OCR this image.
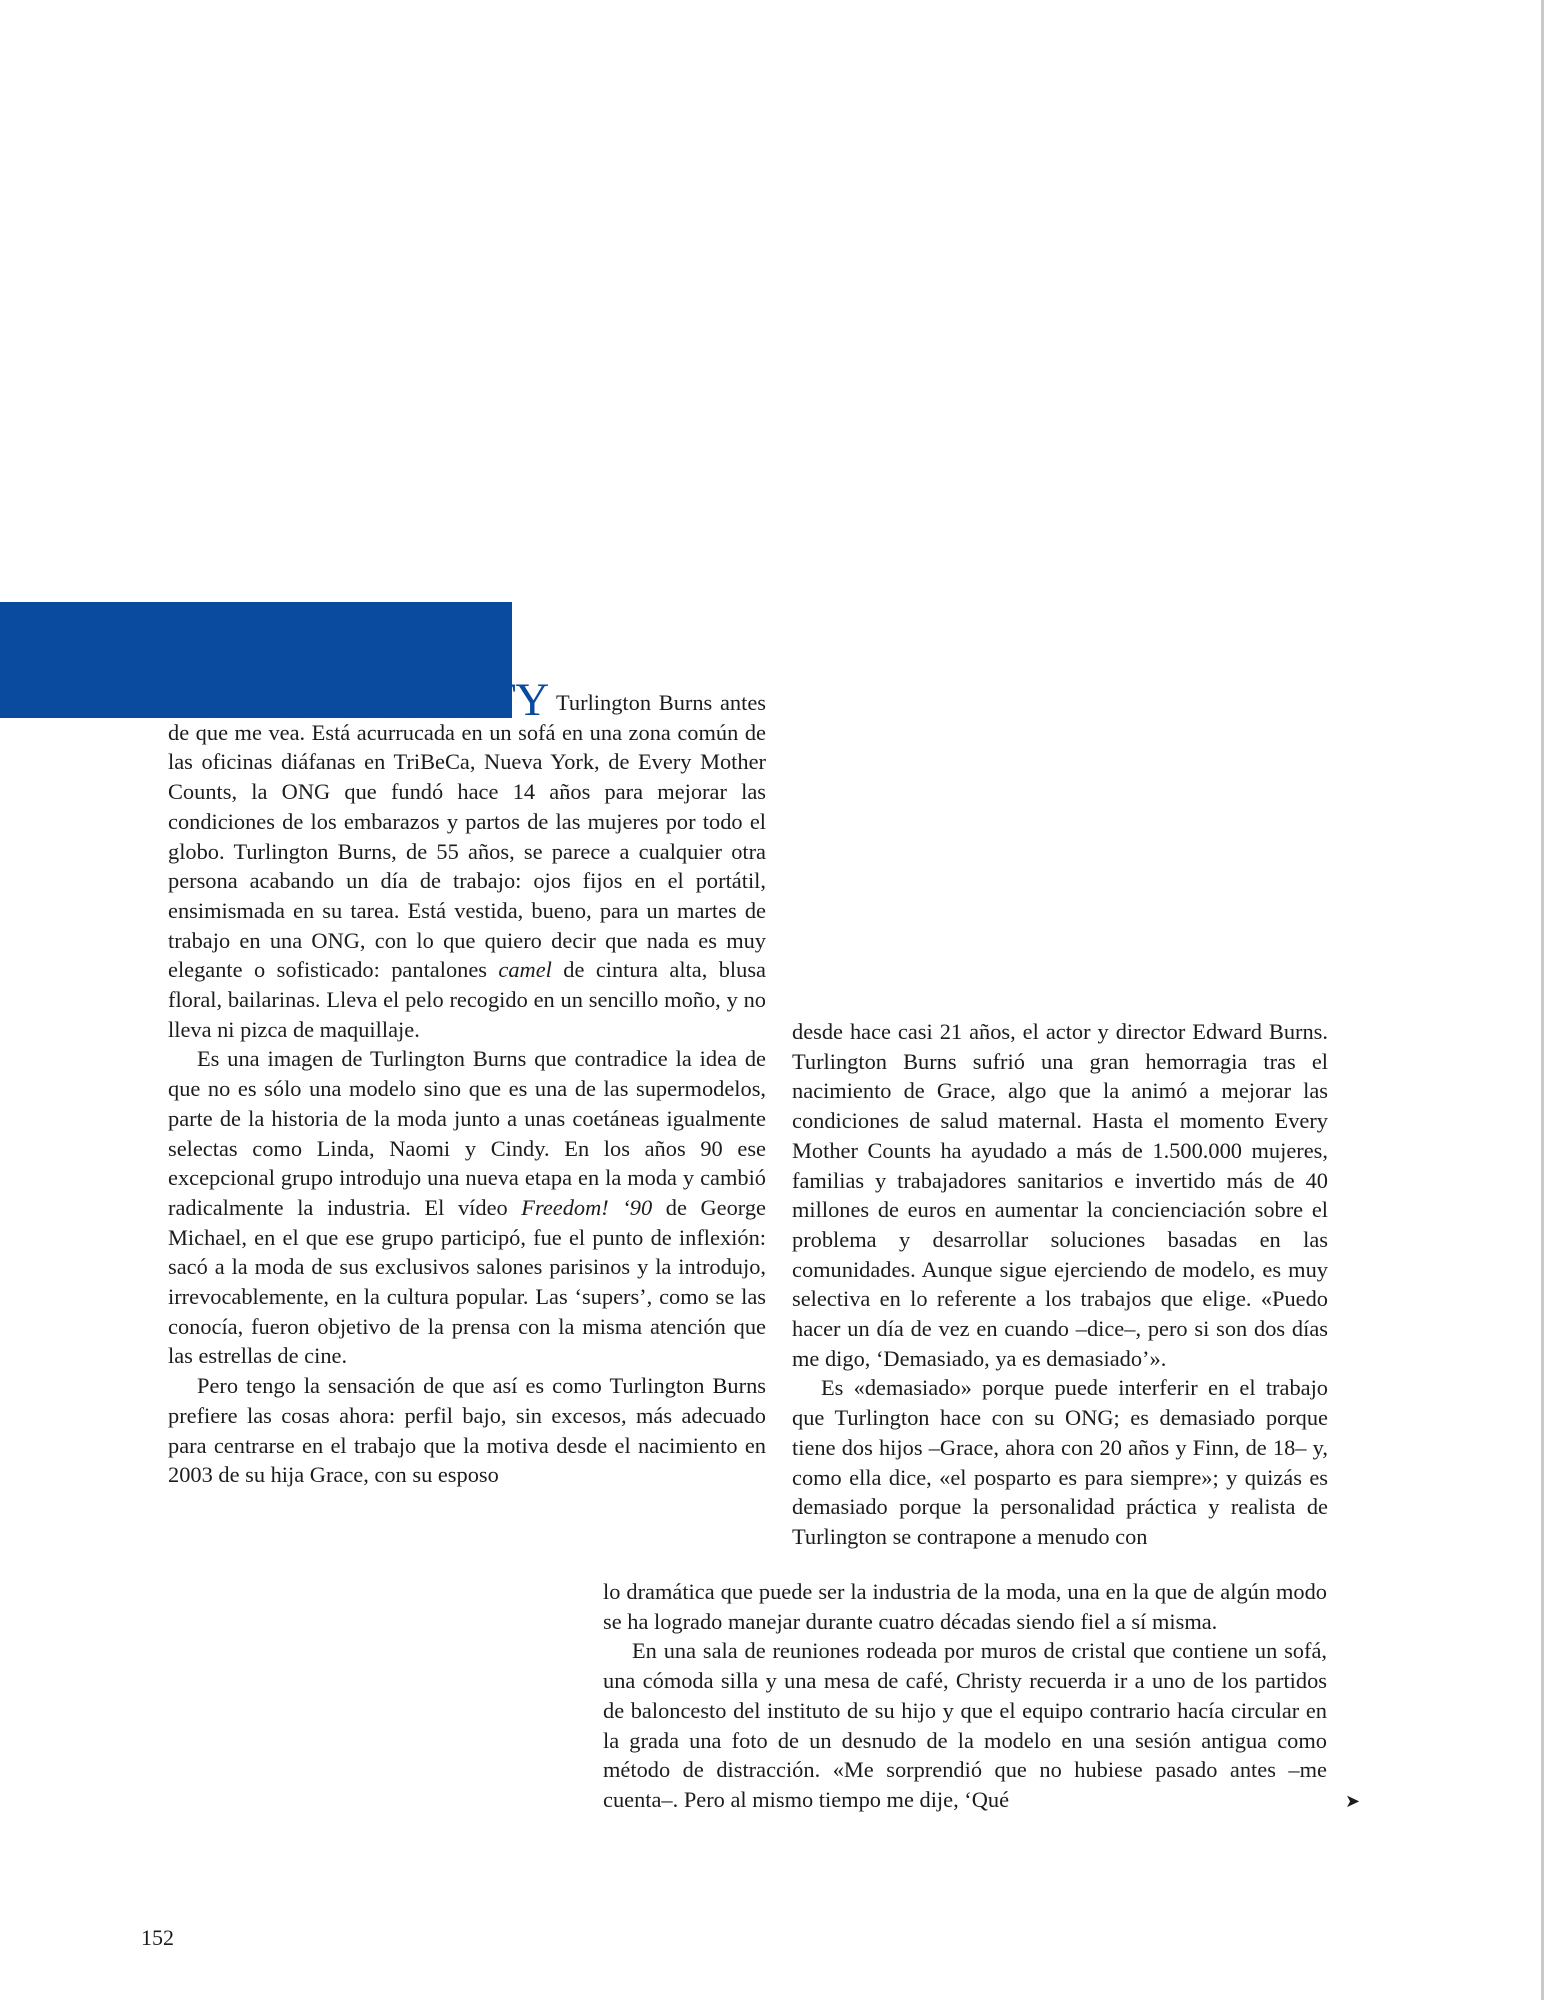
ESPÍO A CHRISTY Turlington Burns antes de que me vea. Está acurrucada en un sofá en una zona común de las oficinas diáfanas en TriBeCa, Nueva York, de Every Mother Counts, la ONG que fundó hace 14 años para mejorar las condiciones de los embarazos y partos de las mujeres por todo el globo. Turlington Burns, de 55 años, se parece a cualquier otra persona acabando un día de trabajo: ojos fijos en el portátil, ensimismada en su tarea. Está vestida, bueno, para un martes de trabajo en una ONG, con lo que quiero decir que nada es muy elegante o sofisticado: pantalones camel de cintura alta, blusa floral, bailarinas. Lleva el pelo recogido en un sencillo moño, y no lleva ni pizca de maquillaje.

Es una imagen de Turlington Burns que contradice la idea de que no es sólo una modelo sino que es una de las supermodelos, parte de la historia de la moda junto a unas coetáneas igualmente selectas como Linda, Naomi y Cindy. En los años 90 ese excepcional grupo introdujo una nueva etapa en la moda y cambió radicalmente la industria. El vídeo Freedom! ‘90 de George Michael, en el que ese grupo participó, fue el punto de inflexión: sacó a la moda de sus exclusivos salones parisinos y la introdujo, irrevocablemente, en la cultura popular. Las ‘supers’, como se las conocía, fueron objetivo de la prensa con la misma atención que las estrellas de cine.

Pero tengo la sensación de que así es como Turlington Burns prefiere las cosas ahora: perfil bajo, sin excesos, más adecuado para centrarse en el trabajo que la motiva desde el nacimiento en 2003 de su hija Grace, con su esposo

desde hace casi 21 años, el actor y director Edward Burns. Turlington Burns sufrió una gran hemorragia tras el nacimiento de Grace, algo que la animó a mejorar las condiciones de salud maternal. Hasta el momento Every Mother Counts ha ayudado a más de 1.500.000 mujeres, familias y trabajadores sanitarios e invertido más de 40 millones de euros en aumentar la concienciación sobre el problema y desarrollar soluciones basadas en las comunidades. Aunque sigue ejerciendo de modelo, es muy selectiva en lo referente a los trabajos que elige. «Puedo hacer un día de vez en cuando –dice–, pero si son dos días me digo, ‘Demasiado, ya es demasiado’».

Es «demasiado» porque puede interferir en el trabajo que Turlington hace con su ONG; es demasiado porque tiene dos hijos –Grace, ahora con 20 años y Finn, de 18– y, como ella dice, «el posparto es para siempre»; y quizás es demasiado porque la personalidad práctica y realista de Turlington se contrapone a menudo con

lo dramática que puede ser la industria de la moda, una en la que de algún modo se ha logrado manejar durante cuatro décadas siendo fiel a sí misma.

En una sala de reuniones rodeada por muros de cristal que contiene un sofá, una cómoda silla y una mesa de café, Christy recuerda ir a uno de los partidos de baloncesto del instituto de su hijo y que el equipo contrario hacía circular en la grada una foto de un desnudo de la modelo en una sesión antigua como método de distracción. «Me sorprendió que no hubiese pasado antes –me cuenta–. Pero al mismo tiempo me dije, ‘Qué	➤
152
